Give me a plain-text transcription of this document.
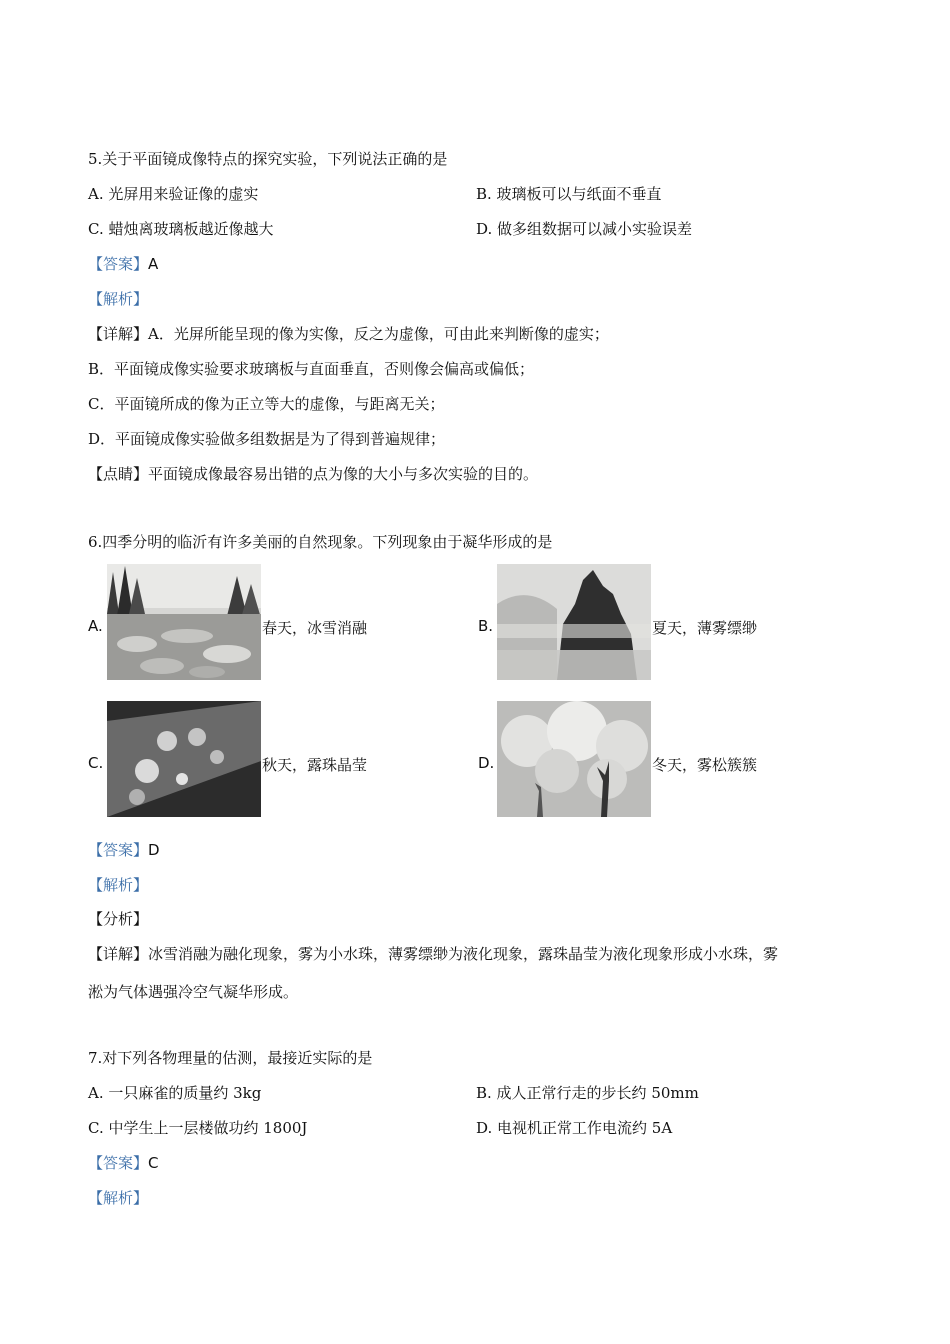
5.关于平面镜成像特点的探究实验，下列说法正确的是
A. 光屏用来验证像的虚实	B. 玻璃板可以与纸面不垂直
C. 蜡烛离玻璃板越近像越大	D. 做多组数据可以减小实验误差
【答案】A
【解析】
【详解】A．光屏所能呈现的像为实像，反之为虚像，可由此来判断像的虚实；
B．平面镜成像实验要求玻璃板与直面垂直，否则像会偏高或偏低；
C．平面镜所成的像为正立等大的虚像，与距离无关；
D．平面镜成像实验做多组数据是为了得到普遍规律；
【点睛】平面镜成像最容易出错的点为像的大小与多次实验的目的。
6.四季分明的临沂有许多美丽的自然现象。下列现象由于凝华形成的是
A.	春天，冰雪消融	B.	夏天，薄雾缥缈
C.	秋天，露珠晶莹	D.	冬天，雾松簇簇
【答案】D
【解析】
【分析】
【详解】冰雪消融为融化现象，雾为小水珠，薄雾缥缈为液化现象，露珠晶莹为液化现象形成小水珠，雾
淞为气体遇强冷空气凝华形成。
7.对下列各物理量的估测，最接近实际的是
A. 一只麻雀的质量约 3kg	B. 成人正常行走的步长约 50mm
C. 中学生上一层楼做功约 1800J	D. 电视机正常工作电流约 5A
【答案】C
【解析】
